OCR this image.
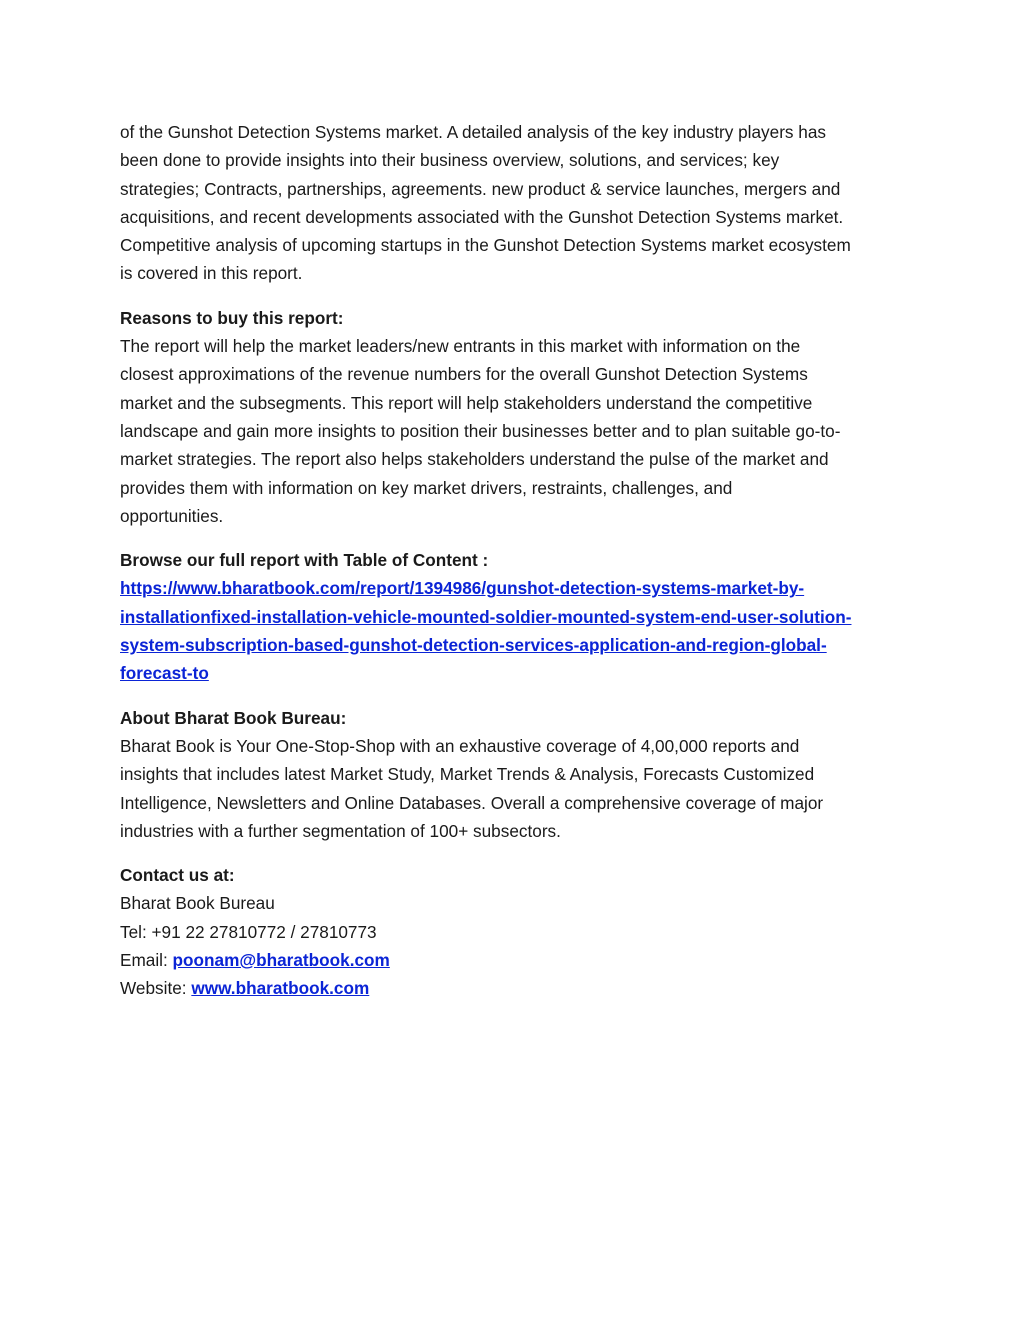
of the Gunshot Detection Systems market. A detailed analysis of the key industry players has
been done to provide insights into their business overview, solutions, and services; key
strategies; Contracts, partnerships, agreements. new product & service launches, mergers and
acquisitions, and recent developments associated with the Gunshot Detection Systems market.
Competitive analysis of upcoming startups in the Gunshot Detection Systems market ecosystem
is covered in this report.

Reasons to buy this report:
The report will help the market leaders/new entrants in this market with information on the
closest approximations of the revenue numbers for the overall Gunshot Detection Systems
market and the subsegments. This report will help stakeholders understand the competitive
landscape and gain more insights to position their businesses better and to plan suitable go-to-
market strategies. The report also helps stakeholders understand the pulse of the market and
provides them with information on key market drivers, restraints, challenges, and
opportunities.

Browse our full report with Table of Content :
https://www.bharatbook.com/report/1394986/gunshot-detection-systems-market-by-
installationfixed-installation-vehicle-mounted-soldier-mounted-system-end-user-solution-
system-subscription-based-gunshot-detection-services-application-and-region-global-
forecast-to

About Bharat Book Bureau:
Bharat Book is Your One-Stop-Shop with an exhaustive coverage of 4,00,000 reports and
insights that includes latest Market Study, Market Trends & Analysis, Forecasts Customized
Intelligence, Newsletters and Online Databases. Overall a comprehensive coverage of major
industries with a further segmentation of 100+ subsectors.

Contact us at:
Bharat Book Bureau
Tel: +91 22 27810772 / 27810773
Email: poonam@bharatbook.com
Website: www.bharatbook.com
